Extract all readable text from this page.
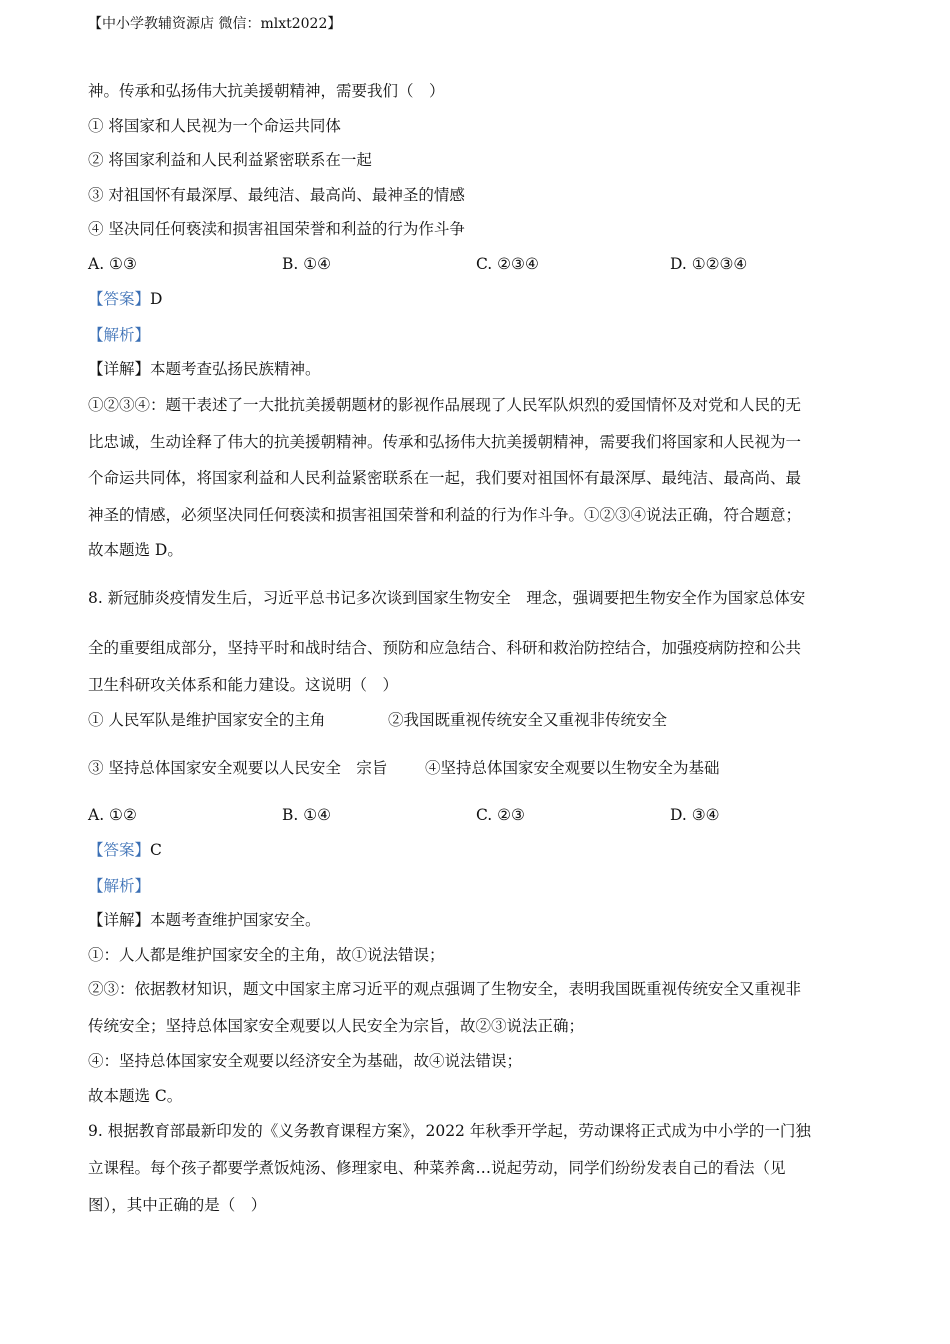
【中小学教辅资源店 微信：mlxt2022】
神。传承和弘扬伟大抗美援朝精神，需要我们（　）
① 将国家和人民视为一个命运共同体
② 将国家利益和人民利益紧密联系在一起
③ 对祖国怀有最深厚、最纯洁、最高尚、最神圣的情感
④ 坚决同任何亵渎和损害祖国荣誉和利益的行为作斗争
A. ①③	B. ①④	C. ②③④	D. ①②③④
【答案】D
【解析】
【详解】本题考查弘扬民族精神。
①②③④：题干表述了一大批抗美援朝题材的影视作品展现了人民军队炽烈的爱国情怀及对党和人民的无
比忠诚，生动诠释了伟大的抗美援朝精神。传承和弘扬伟大抗美援朝精神，需要我们将国家和人民视为一
个命运共同体，将国家利益和人民利益紧密联系在一起，我们要对祖国怀有最深厚、最纯洁、最高尚、最
神圣的情感，必须坚决同任何亵渎和损害祖国荣誉和利益的行为作斗争。①②③④说法正确，符合题意；
故本题选 D。
8. 新冠肺炎疫情发生后，习近平总书记多次谈到国家生物安全　理念，强调要把生物安全作为国家总体安
全的重要组成部分，坚持平时和战时结合、预防和应急结合、科研和救治防控结合，加强疫病防控和公共
卫生科研攻关体系和能力建设。这说明（　）
① 人民军队是维护国家安全的主角	②我国既重视传统安全又重视非传统安全
③ 坚持总体国家安全观要以人民安全　宗旨 ④坚持总体国家安全观要以生物安全为基础
A. ①②	B. ①④	C. ②③	D. ③④
【答案】C
【解析】
【详解】本题考查维护国家安全。
①：人人都是维护国家安全的主角，故①说法错误；
②③：依据教材知识，题文中国家主席习近平的观点强调了生物安全，表明我国既重视传统安全又重视非
传统安全；坚持总体国家安全观要以人民安全为宗旨，故②③说法正确；
④：坚持总体国家安全观要以经济安全为基础，故④说法错误；
故本题选 C。
9. 根据教育部最新印发的《义务教育课程方案》，2022 年秋季开学起，劳动课将正式成为中小学的一门独
立课程。每个孩子都要学煮饭炖汤、修理家电、种菜养禽…说起劳动，同学们纷纷发表自己的看法（见
图），其中正确的是（　）
